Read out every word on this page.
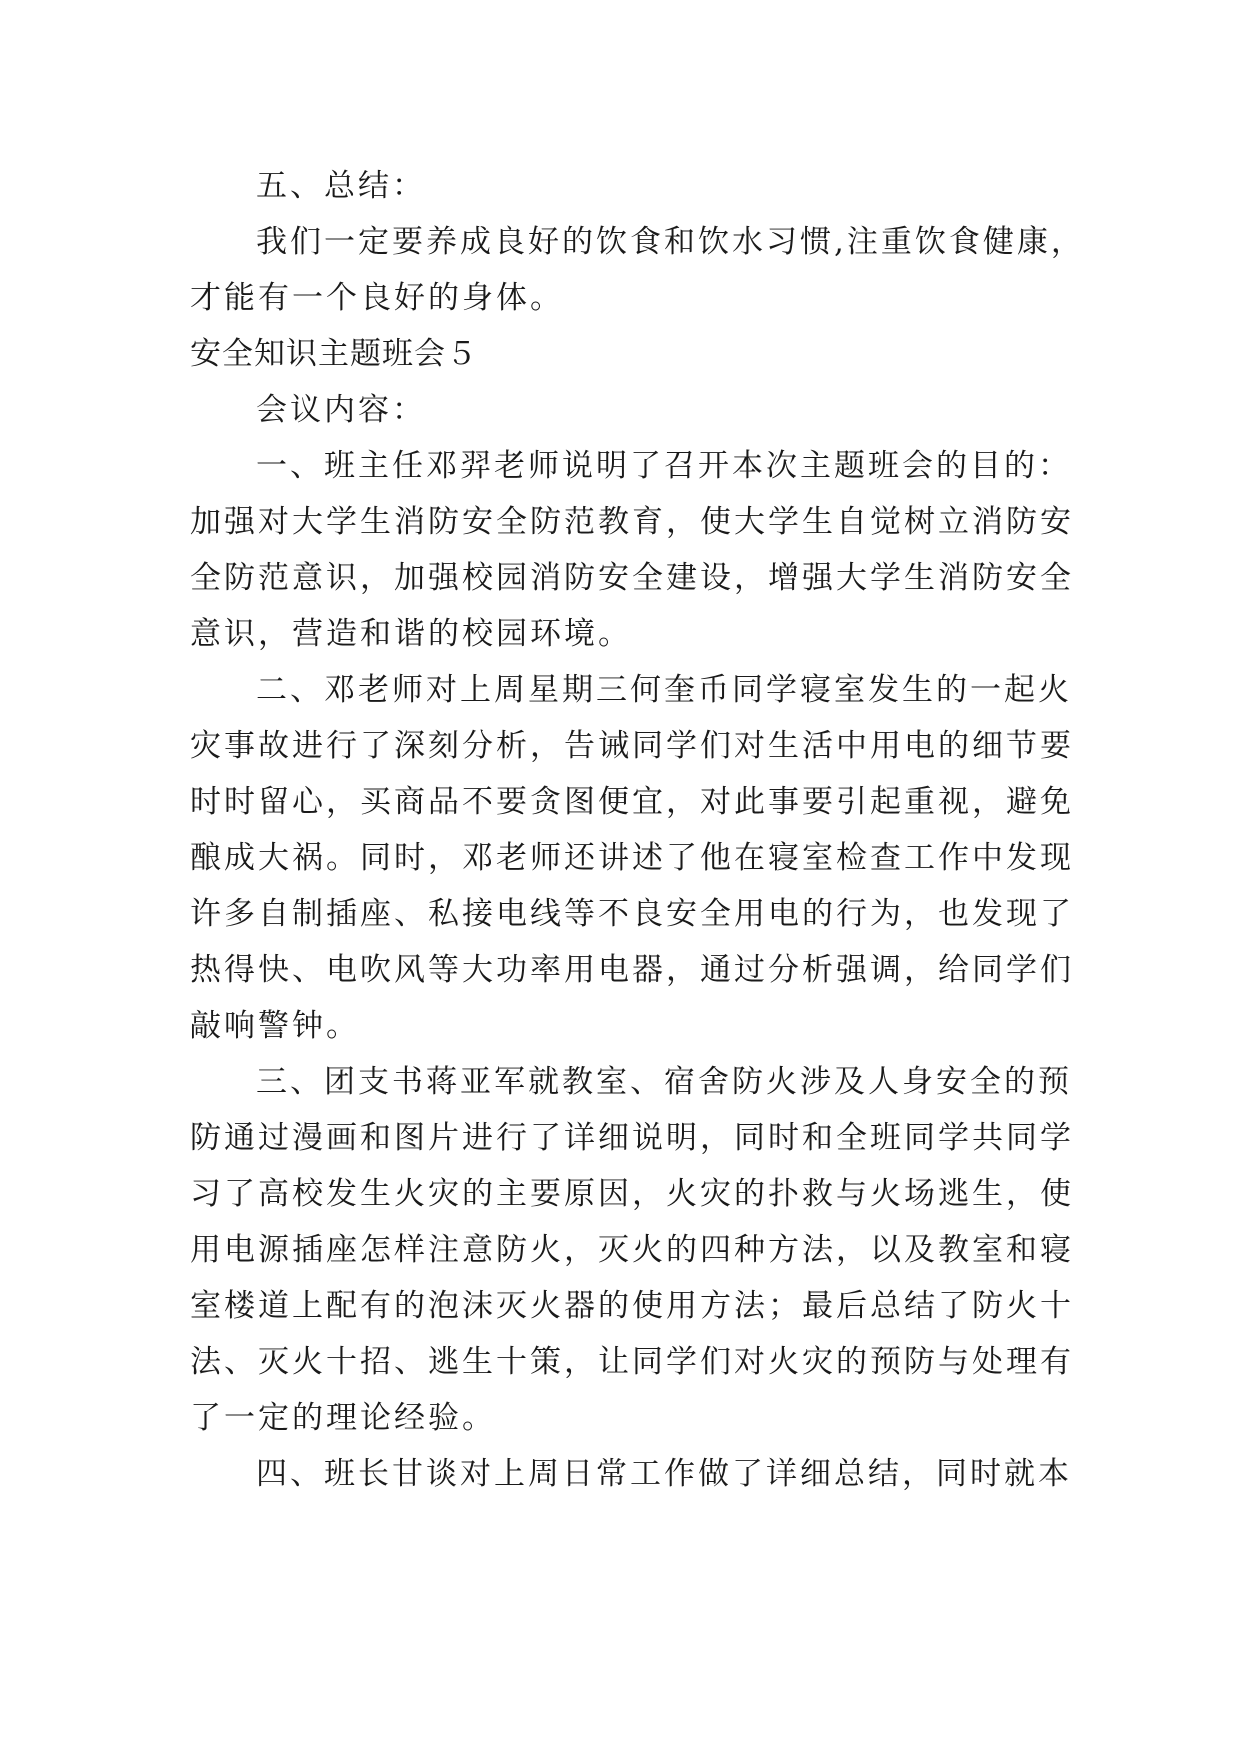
五、总结：

我们一定要养成良好的饮食和饮水习惯,注重饮食健康，

才能有一个良好的身体。

安全知识主题班会５

会议内容：

一、班主任邓羿老师说明了召开本次主题班会的目的：

加强对大学生消防安全防范教育，使大学生自觉树立消防安

全防范意识，加强校园消防安全建设，增强大学生消防安全

意识，营造和谐的校园环境。

二、邓老师对上周星期三何奎币同学寝室发生的一起火

灾事故进行了深刻分析，告诫同学们对生活中用电的细节要

时时留心，买商品不要贪图便宜，对此事要引起重视，避免

酿成大祸。同时，邓老师还讲述了他在寝室检查工作中发现

许多自制插座、私接电线等不良安全用电的行为，也发现了

热得快、电吹风等大功率用电器，通过分析强调，给同学们

敲响警钟。

三、团支书蒋亚军就教室、宿舍防火涉及人身安全的预

防通过漫画和图片进行了详细说明，同时和全班同学共同学

习了高校发生火灾的主要原因，火灾的扑救与火场逃生，使

用电源插座怎样注意防火，灭火的四种方法，以及教室和寝

室楼道上配有的泡沫灭火器的使用方法；最后总结了防火十

法、灭火十招、逃生十策，让同学们对火灾的预防与处理有

了一定的理论经验。

四、班长甘谈对上周日常工作做了详细总结，同时就本
